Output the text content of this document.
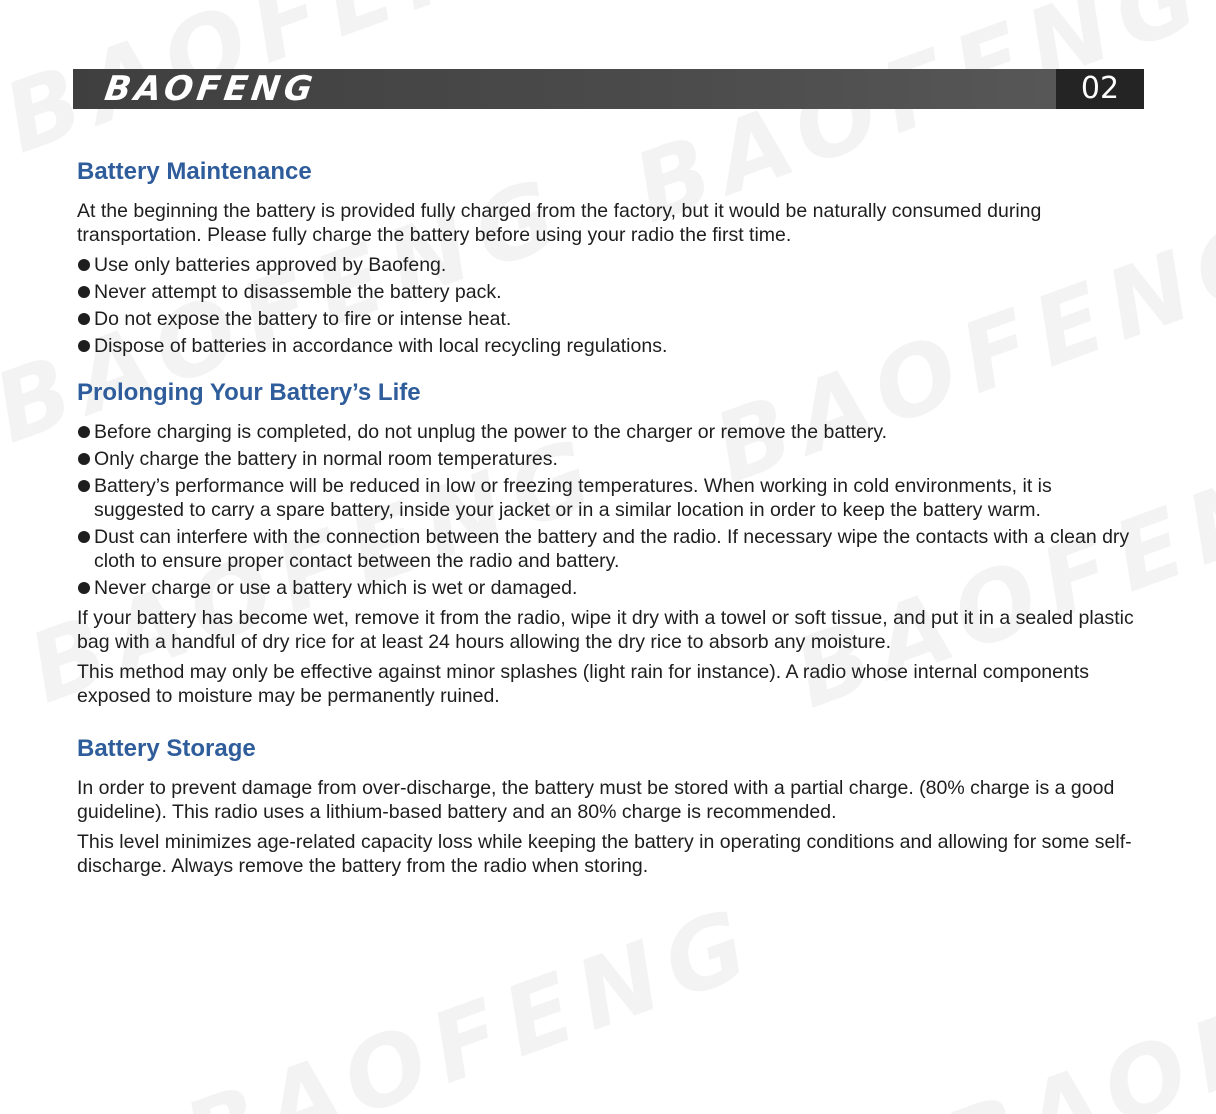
BAOFENG	02
Battery Maintenance

At the beginning the battery is provided fully charged from the factory, but it would be naturally consumed during transportation. Please fully charge the battery before using your radio the first time.

Use only batteries approved by Baofeng.
Never attempt to disassemble the battery pack.
Do not expose the battery to fire or intense heat.
Dispose of batteries in accordance with local recycling regulations.
Prolonging Your Battery’s Life
Before charging is completed, do not unplug the power to the charger or remove the battery.
Only charge the battery in normal room temperatures.
Battery’s performance will be reduced in low or freezing temperatures. When working in cold environments, it is suggested to carry a spare battery, inside your jacket or in a similar location in order to keep the battery warm.
Dust can interfere with the connection between the battery and the radio. If necessary wipe the contacts with a clean dry cloth to ensure proper contact between the radio and battery.
Never charge or use a battery which is wet or damaged.

If your battery has become wet, remove it from the radio, wipe it dry with a towel or soft tissue, and put it in a sealed plastic bag with a handful of dry rice for at least 24 hours allowing the dry rice to absorb any moisture.

This method may only be effective against minor splashes (light rain for instance). A radio whose internal components exposed to moisture may be permanently ruined.

Battery Storage

In order to prevent damage from over-discharge, the battery must be stored with a partial charge. (80% charge is a good guideline). This radio uses a lithium-based battery and an 80% charge is recommended.

This level minimizes age-related capacity loss while keeping the battery in operating conditions and allowing for some self-discharge. Always remove the battery from the radio when storing.
